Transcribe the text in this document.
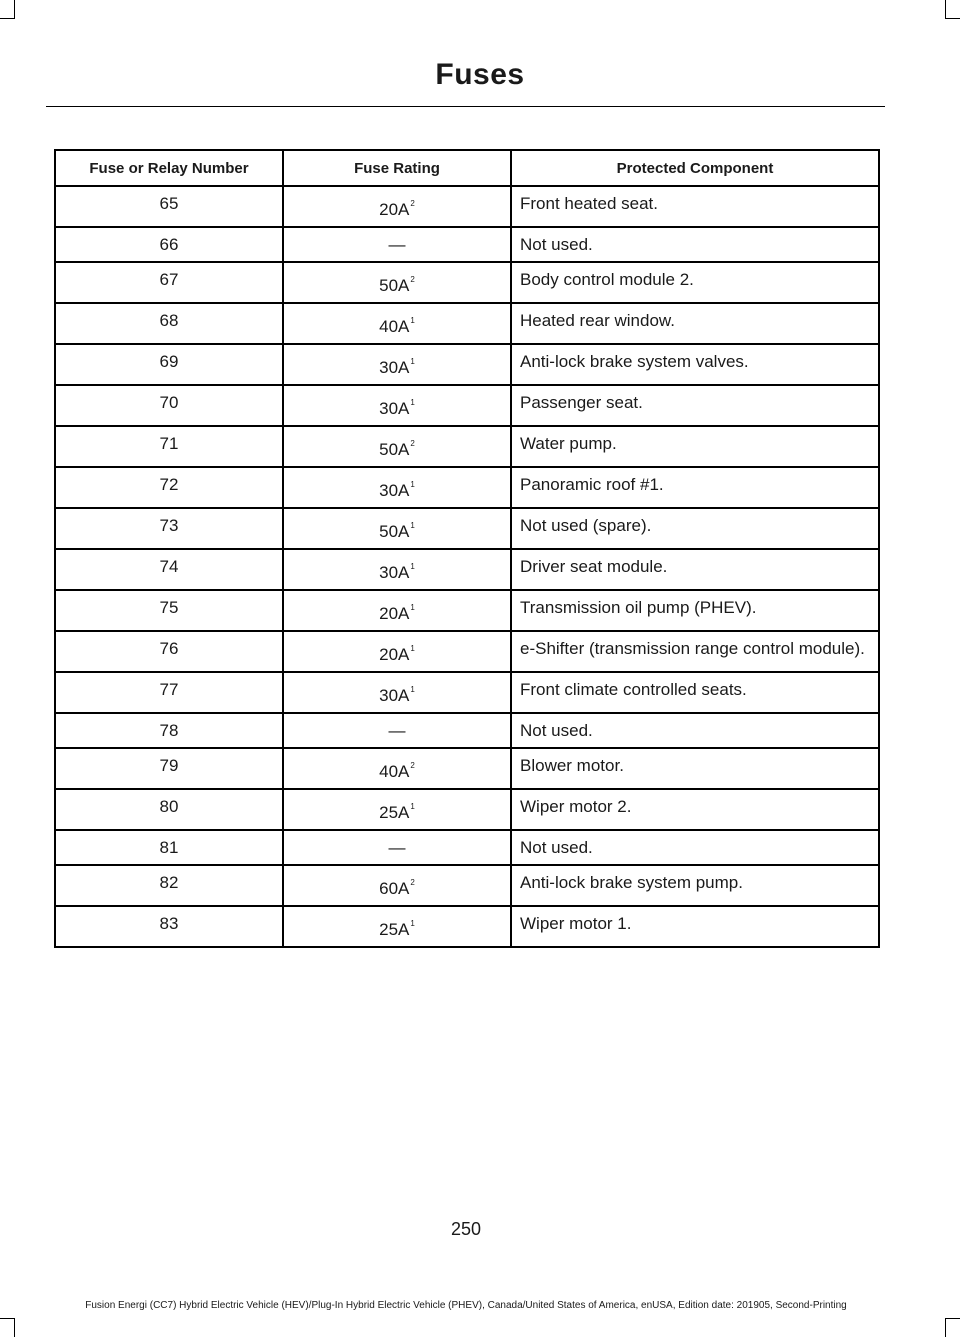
Fuses
Fuse or Relay Number	Fuse Rating	Protected Component
65	$20A^2$	Front heated seat.
66	—	Not used.
67	$50A^2$	Body control module 2.
68	$40A^1$	Heated rear window.
69	$30A^1$	Anti-lock brake system valves.
70	$30A^1$	Passenger seat.
71	$50A^2$	Water pump.
72	$30A^1$	Panoramic roof #1.
73	$50A^1$	Not used (spare).
74	$30A^1$	Driver seat module.
75	$20A^1$	Transmission oil pump (PHEV).
76	$20A^1$	e-Shifter (transmission range control module).
77	$30A^1$	Front climate controlled seats.
78	—	Not used.
79	$40A^2$	Blower motor.
80	$25A^1$	Wiper motor 2.
81	—	Not used.
82	$60A^2$	Anti-lock brake system pump.
83	$25A^1$	Wiper motor 1.
250
Fusion Energi (CC7) Hybrid Electric Vehicle (HEV)/Plug-In Hybrid Electric Vehicle (PHEV), Canada/United States of America, enUSA, Edition date: 201905, Second-Printing
